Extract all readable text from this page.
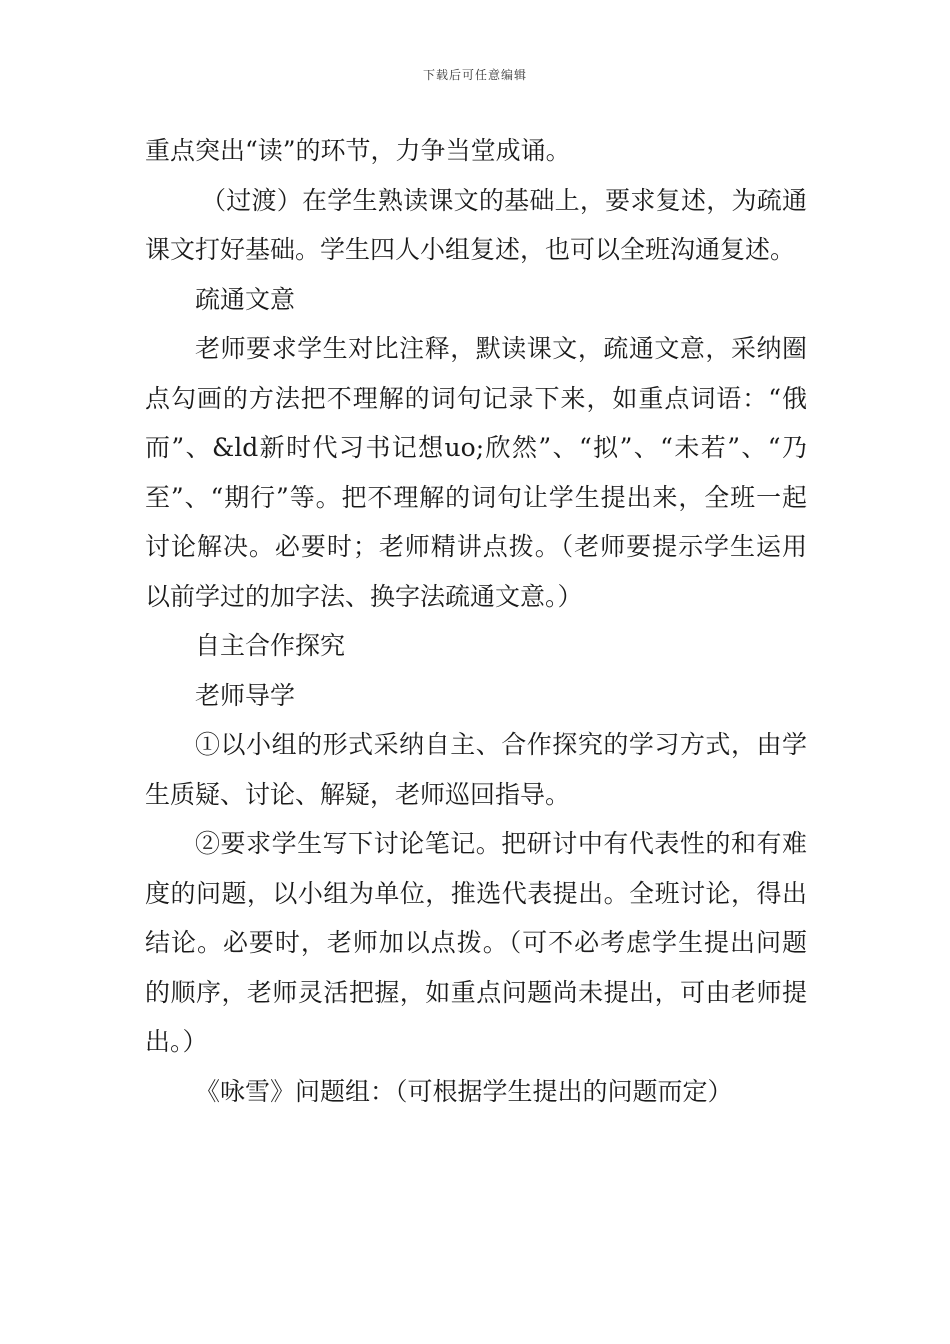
下载后可任意编辑

重点突出“读”的环节，力争当堂成诵。

（过渡）在学生熟读课文的基础上，要求复述，为疏通课文打好基础。学生四人小组复述，也可以全班沟通复述。

疏通文意

老师要求学生对比注释，默读课文，疏通文意，采纳圈点勾画的方法把不理解的词句记录下来，如重点词语：“俄而”、&ld新时代习书记想uo;欣然”、“拟”、“未若”、“乃至”、“期行”等。把不理解的词句让学生提出来，全班一起讨论解决。必要时；老师精讲点拨。（老师要提示学生运用以前学过的加字法、换字法疏通文意。）

自主合作探究

老师导学

①以小组的形式采纳自主、合作探究的学习方式，由学生质疑、讨论、解疑，老师巡回指导。

②要求学生写下讨论笔记。把研讨中有代表性的和有难度的问题，以小组为单位，推选代表提出。全班讨论，得出结论。必要时，老师加以点拨。（可不必考虑学生提出问题的顺序，老师灵活把握，如重点问题尚未提出，可由老师提出。）

《咏雪》问题组：（可根据学生提出的问题而定）
